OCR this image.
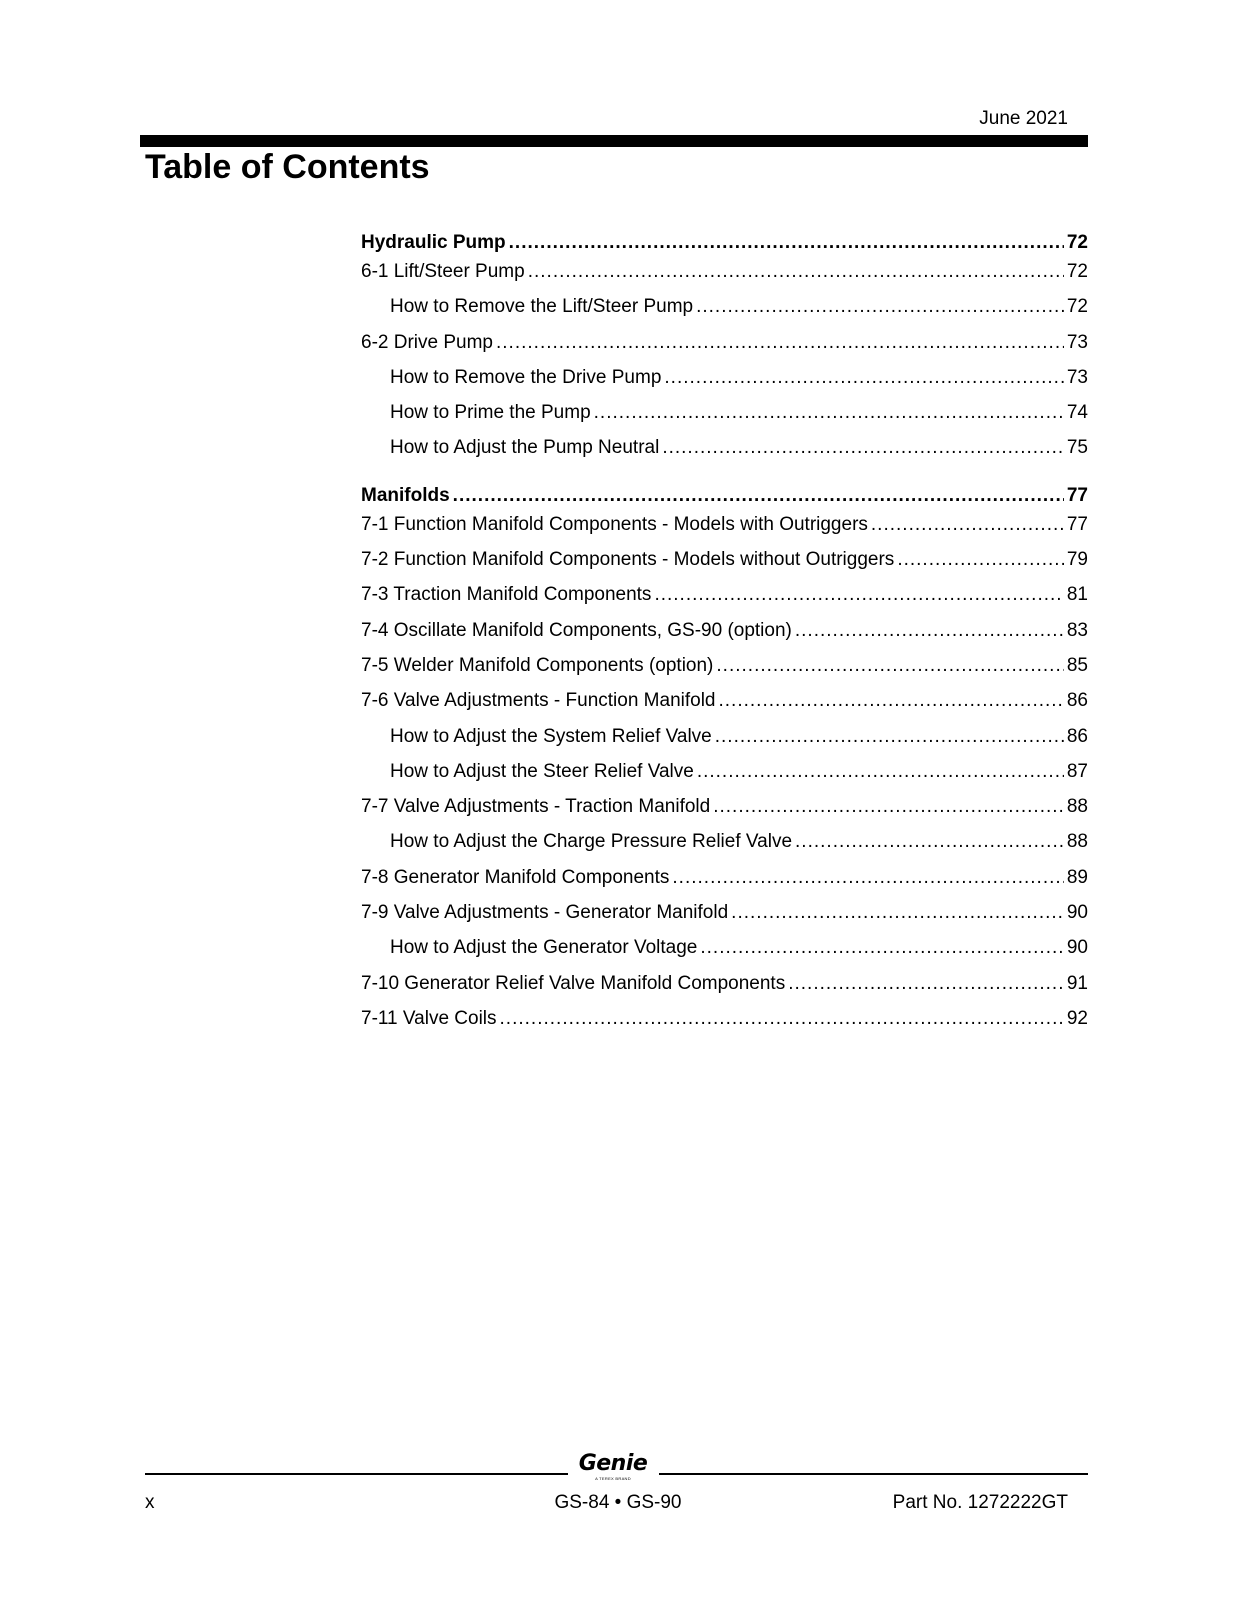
June 2021
Table of Contents
Hydraulic Pump .....	72
6-1 Lift/Steer Pump .....	72
How to Remove the Lift/Steer Pump .....	72
6-2 Drive Pump .....	73
How to Remove the Drive Pump .....	73
How to Prime the Pump .....	74
How to Adjust the Pump Neutral .....	75
Manifolds .....	77
7-1 Function Manifold Components - Models with Outriggers .....	77
7-2 Function Manifold Components - Models without Outriggers .....	79
7-3 Traction Manifold Components .....	81
7-4 Oscillate Manifold Components, GS-90 (option) .....	83
7-5 Welder Manifold Components (option) .....	85
7-6 Valve Adjustments - Function Manifold .....	86
How to Adjust the System Relief Valve .....	86
How to Adjust the Steer Relief Valve .....	87
7-7 Valve Adjustments - Traction Manifold .....	88
How to Adjust the Charge Pressure Relief Valve .....	88
7-8 Generator Manifold Components .....	89
7-9 Valve Adjustments - Generator Manifold .....	90
How to Adjust the Generator Voltage .....	90
7-10 Generator Relief Valve Manifold Components .....	91
7-11 Valve Coils .....	92
Genie
A TEREX BRAND
x	GS-84 • GS-90	Part No. 1272222GT
